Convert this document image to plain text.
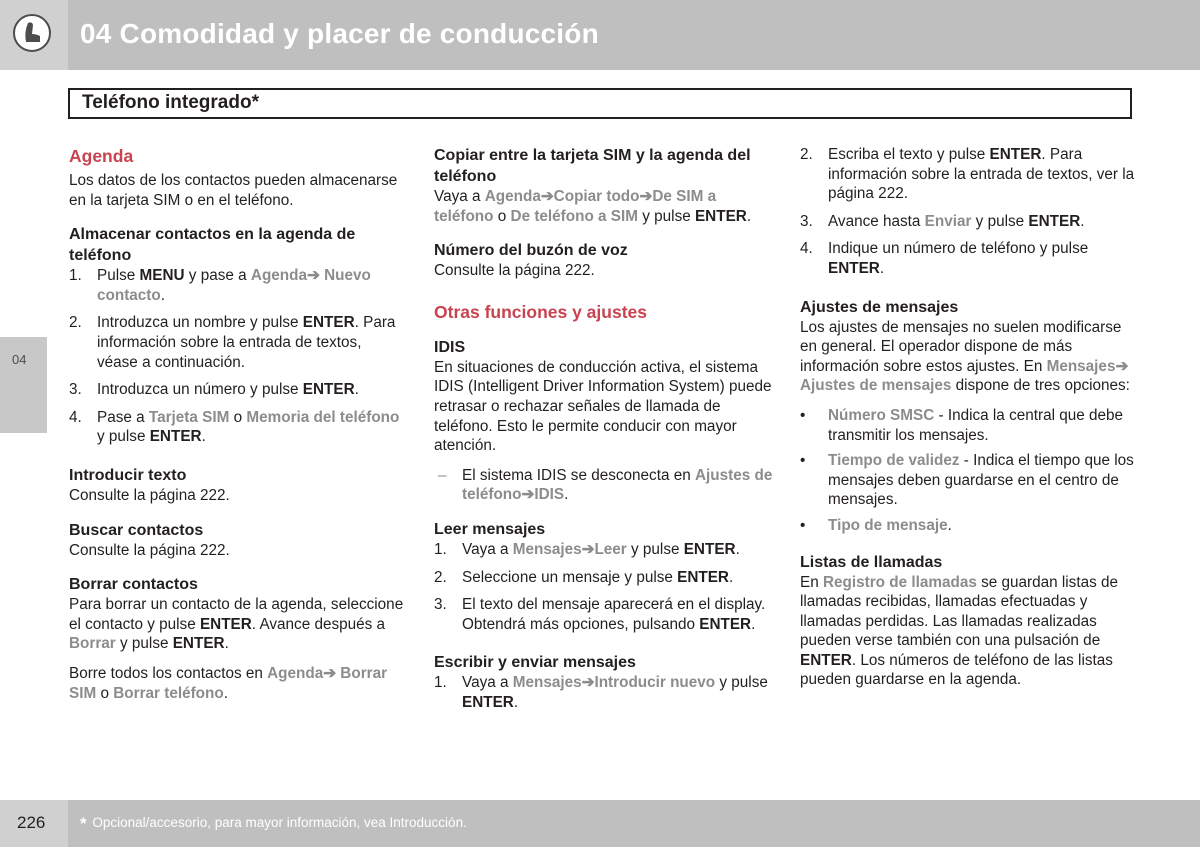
04 Comodidad y placer de conducción
Teléfono integrado*
04
Agenda

Los datos de los contactos pueden almacenarse en la tarjeta SIM o en el teléfono.

Almacenar contactos en la agenda de teléfono
1. Pulse MENU y pase a Agenda➔ Nuevo contacto.
2. Introduzca un nombre y pulse ENTER. Para información sobre la entrada de textos, véase a continuación.
3. Introduzca un número y pulse ENTER.
4. Pase a Tarjeta SIM o Memoria del teléfono y pulse ENTER.
Introducir texto

Consulte la página 222.

Buscar contactos

Consulte la página 222.

Borrar contactos

Para borrar un contacto de la agenda, seleccione el contacto y pulse ENTER. Avance después a Borrar y pulse ENTER.

Borre todos los contactos en Agenda➔ Borrar SIM o Borrar teléfono.

Copiar entre la tarjeta SIM y la agenda del teléfono

Vaya a Agenda➔Copiar todo➔De SIM a teléfono o De teléfono a SIM y pulse ENTER.

Número del buzón de voz

Consulte la página 222.

Otras funciones y ajustes
IDIS

En situaciones de conducción activa, el sistema IDIS (Intelligent Driver Information System) puede retrasar o rechazar señales de llamada de teléfono. Esto le permite conducir con mayor atención.

– El sistema IDIS se desconecta en Ajustes de teléfono➔IDIS.
Leer mensajes
1. Vaya a Mensajes➔Leer y pulse ENTER.
2. Seleccione un mensaje y pulse ENTER.
3. El texto del mensaje aparecerá en el display. Obtendrá más opciones, pulsando ENTER.
Escribir y enviar mensajes
1. Vaya a Mensajes➔Introducir nuevo y pulse ENTER.
2. Escriba el texto y pulse ENTER. Para información sobre la entrada de textos, ver la página 222.
3. Avance hasta Enviar y pulse ENTER.
4. Indique un número de teléfono y pulse ENTER.
Ajustes de mensajes

Los ajustes de mensajes no suelen modificarse en general. El operador dispone de más información sobre estos ajustes. En Mensajes➔ Ajustes de mensajes dispone de tres opciones:

• Número SMSC - Indica la central que debe transmitir los mensajes.
• Tiempo de validez - Indica el tiempo que los mensajes deben guardarse en el centro de mensajes.
• Tipo de mensaje.
Listas de llamadas

En Registro de llamadas se guardan listas de llamadas recibidas, llamadas efectuadas y llamadas perdidas. Las llamadas realizadas pueden verse también con una pulsación de ENTER. Los números de teléfono de las listas pueden guardarse en la agenda.

226 * Opcional/accesorio, para mayor información, vea Introducción.
